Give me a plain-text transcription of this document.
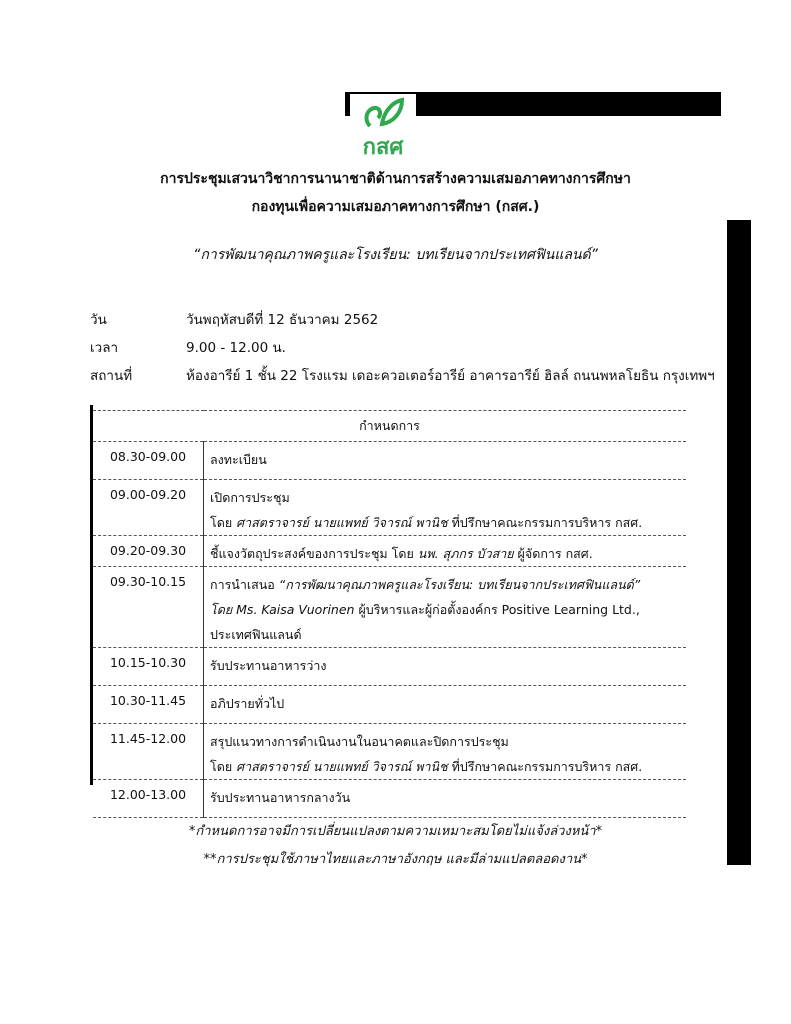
กสศ
การประชุมเสวนาวิชาการนานาชาติด้านการสร้างความเสมอภาคทางการศึกษา
กองทุนเพื่อความเสมอภาคทางการศึกษา (กสศ.)
“การพัฒนาคุณภาพครูและโรงเรียน: บทเรียนจากประเทศฟินแลนด์”
วัน	วันพฤหัสบดีที่ 12 ธันวาคม 2562
เวลา	9.00 - 12.00 น.
สถานที่	ห้องอารีย์ 1 ชั้น 22 โรงแรม เดอะควอเตอร์อารีย์ อาคารอารีย์ ฮิลล์ ถนนพหลโยธิน กรุงเทพฯ
กำหนดการ	
08.30-09.00	ลงทะเบียน
09.00-09.20	เปิดการประชุม
โดย ศาสตราจารย์ นายแพทย์ วิจารณ์ พานิช ที่ปรึกษาคณะกรรมการบริหาร กสศ.

09.20-09.30	ชี้แจงวัตถุประสงค์ของการประชุม โดย นพ. สุภกร บัวสาย ผู้จัดการ กสศ.
09.30-10.15	การนำเสนอ “การพัฒนาคุณภาพครูและโรงเรียน: บทเรียนจากประเทศฟินแลนด์”
โดย Ms. Kaisa Vuorinen ผู้บริหารและผู้ก่อตั้งองค์กร Positive Learning Ltd.,
ประเทศฟินแลนด์

10.15-10.30	รับประทานอาหารว่าง
10.30-11.45	อภิปรายทั่วไป
11.45-12.00	สรุปแนวทางการดำเนินงานในอนาคตและปิดการประชุม
โดย ศาสตราจารย์ นายแพทย์ วิจารณ์ พานิช ที่ปรึกษาคณะกรรมการบริหาร กสศ.

12.00-13.00	รับประทานอาหารกลางวัน
*กำหนดการอาจมีการเปลี่ยนแปลงตามความเหมาะสมโดยไม่แจ้งล่วงหน้า*
**การประชุมใช้ภาษาไทยและภาษาอังกฤษ และมีล่ามแปลตลอดงาน*
